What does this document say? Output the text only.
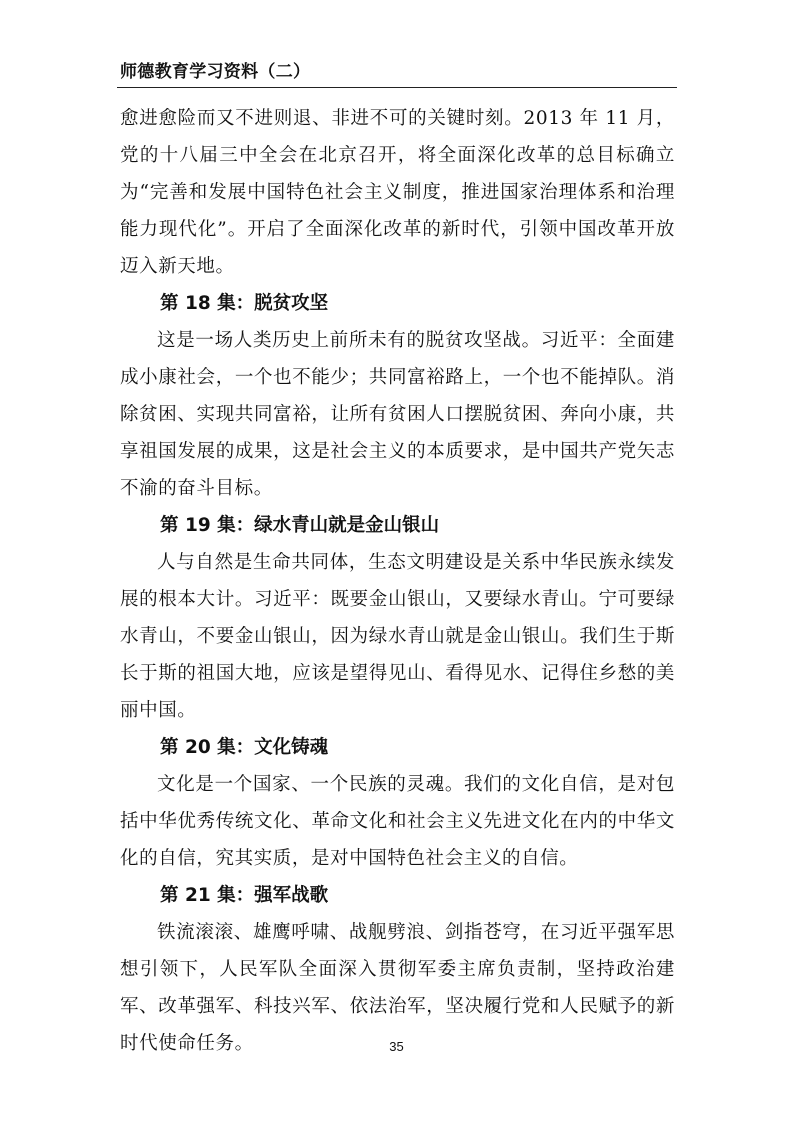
师德教育学习资料（二）

愈进愈险而又不进则退、非进不可的关键时刻。2013 年 11 月，党的十八届三中全会在北京召开，将全面深化改革的总目标确立为“完善和发展中国特色社会主义制度，推进国家治理体系和治理能力现代化”。开启了全面深化改革的新时代，引领中国改革开放迈入新天地。

第 18 集：脱贫攻坚

这是一场人类历史上前所未有的脱贫攻坚战。习近平：全面建成小康社会，一个也不能少；共同富裕路上，一个也不能掉队。消除贫困、实现共同富裕，让所有贫困人口摆脱贫困、奔向小康，共享祖国发展的成果，这是社会主义的本质要求，是中国共产党矢志不渝的奋斗目标。

第 19 集：绿水青山就是金山银山

人与自然是生命共同体，生态文明建设是关系中华民族永续发展的根本大计。习近平：既要金山银山，又要绿水青山。宁可要绿水青山，不要金山银山，因为绿水青山就是金山银山。我们生于斯长于斯的祖国大地，应该是望得见山、看得见水、记得住乡愁的美丽中国。

第 20 集：文化铸魂

文化是一个国家、一个民族的灵魂。我们的文化自信，是对包括中华优秀传统文化、革命文化和社会主义先进文化在内的中华文化的自信，究其实质，是对中国特色社会主义的自信。

第 21 集：强军战歌

铁流滚滚、雄鹰呼啸、战舰劈浪、剑指苍穹，在习近平强军思想引领下，人民军队全面深入贯彻军委主席负责制，坚持政治建军、改革强军、科技兴军、依法治军，坚决履行党和人民赋予的新时代使命任务。	35
